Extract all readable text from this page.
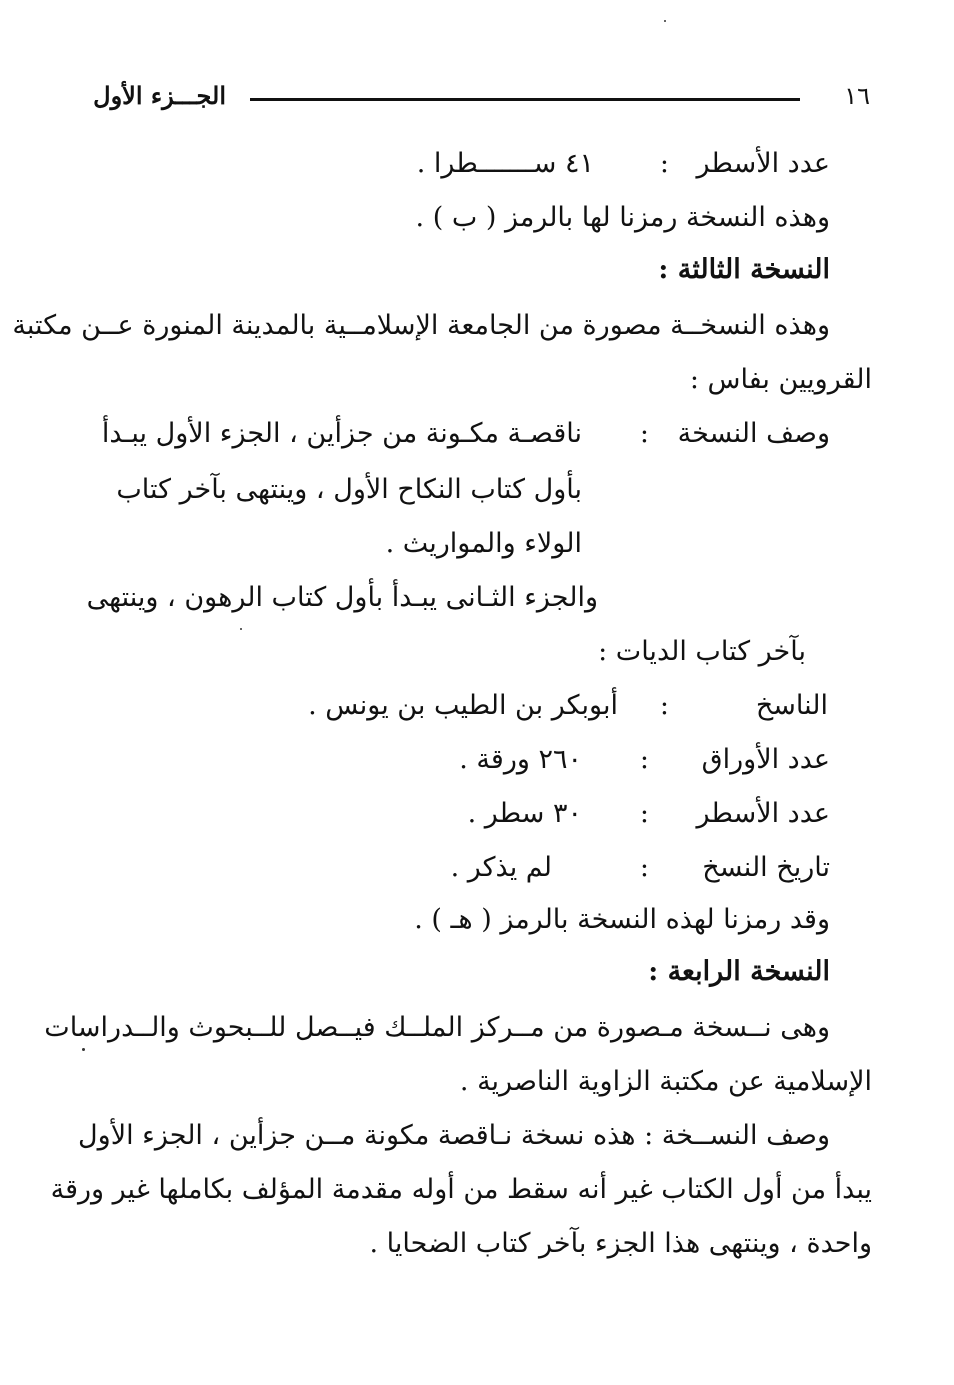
١٦
الجـــزء الأول
عدد الأسطر
:
٤١ ســـــــطرا .
وهذه النسخة رمزنا لها بالرمز ( ب ) .
النسخة الثالثة :
وهذه النسخــة مصورة من الجامعة الإسلامــية بالمدينة المنورة عــن مكتبة
القرويين بفاس :
وصف النسخة
:
ناقصـة مكـونة من جزأين ، الجزء الأول يبـدأ
بأول كتاب النكاح الأول ، وينتهى بآخر كتاب
الولاء والمواريث .
والجزء الثـانى يبـدأ بأول كتاب الرهون ، وينتهى
بآخر كتاب الديات :
الناسخ
:
أبوبكر بن الطيب بن يونس .
عدد الأوراق
:
٢٦٠ ورقة .
عدد الأسطر
:
٣٠ سطر .
تاريخ النسخ
:
لم يذكر .
وقد رمزنا لهذه النسخة بالرمز ( هـ ) .
النسخة الرابعة :
وهى نــسخة مـصورة من مــركز الملــك فيــصل للــبحوث والــدراسات
الإسلامية عن مكتبة الزاوية الناصرية .
وصف النســخة : هذه نسخة نـاقصة مكونة مــن جزأين ، الجزء الأول
يبدأ من أول الكتاب غير أنه سقط من أوله مقدمة المؤلف بكاملها غير ورقة
واحدة ، وينتهى هذا الجزء بآخر كتاب الضحايا .
